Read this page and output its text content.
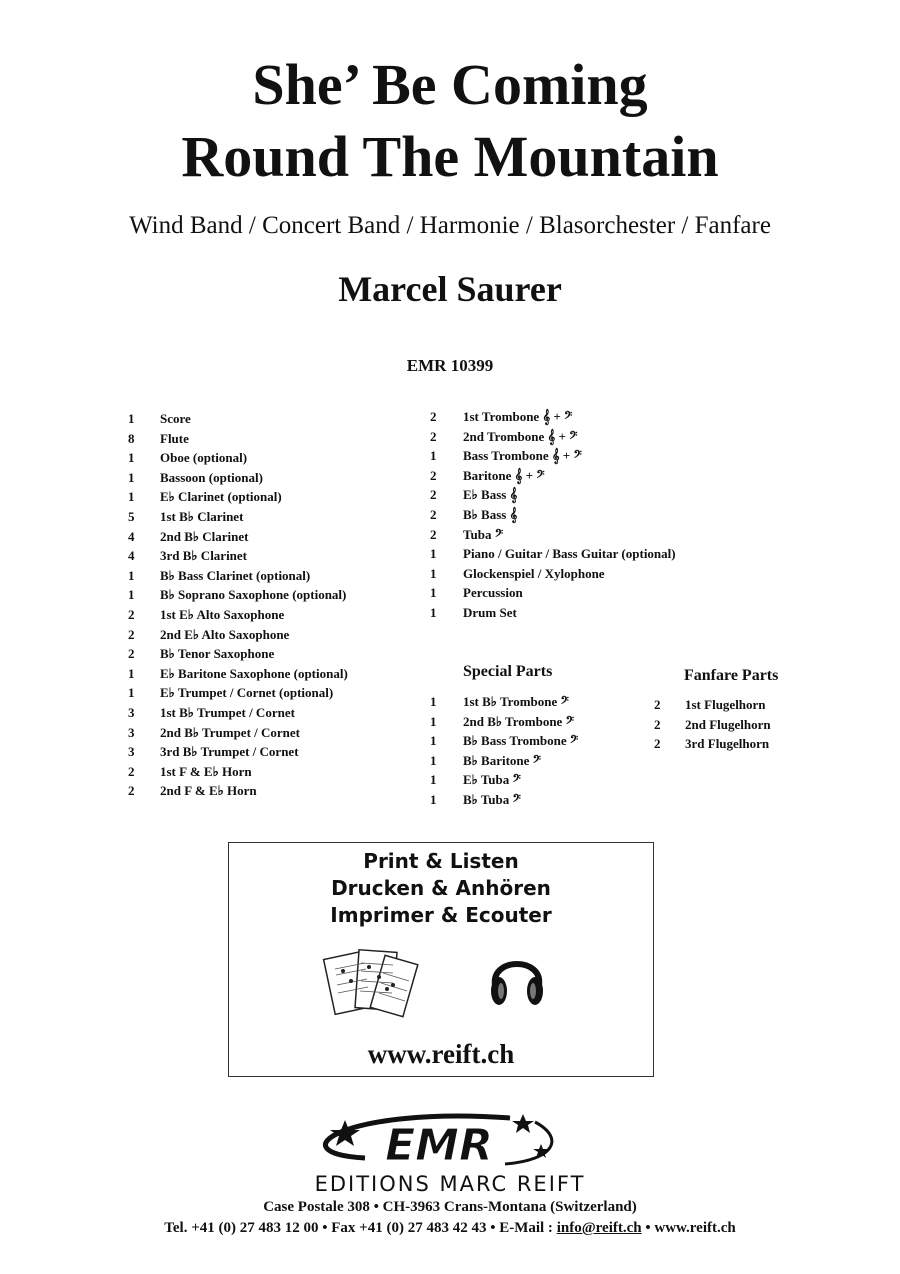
She’ Be Coming
Round The Mountain
Wind Band / Concert Band / Harmonie / Blasorchester / Fanfare
Marcel Saurer
EMR 10399
1 Score
8 Flute
1 Oboe (optional)
1 Bassoon (optional)
1 E♭ Clarinet (optional)
5 1st B♭ Clarinet
4 2nd B♭ Clarinet
4 3rd B♭ Clarinet
1 B♭ Bass Clarinet (optional)
1 B♭ Soprano Saxophone (optional)
2 1st E♭ Alto Saxophone
2 2nd E♭ Alto Saxophone
2 B♭ Tenor Saxophone
1 E♭ Baritone Saxophone (optional)
1 E♭ Trumpet / Cornet (optional)
3 1st B♭ Trumpet / Cornet
3 2nd B♭ Trumpet / Cornet
3 3rd B♭ Trumpet / Cornet
2 1st F & E♭ Horn
2 2nd F & E♭ Horn
2 1st Trombone 𝄞 + 𝄢
2 2nd Trombone 𝄞 + 𝄢
1 Bass Trombone 𝄞 + 𝄢
2 Baritone 𝄞 + 𝄢
2 E♭ Bass 𝄞
2 B♭ Bass 𝄞
2 Tuba 𝄢
1 Piano / Guitar / Bass Guitar (optional)
1 Glockenspiel / Xylophone
1 Percussion
1 Drum Set
Special Parts
1 1st B♭ Trombone 𝄢
1 2nd B♭ Trombone 𝄢
1 B♭ Bass Trombone 𝄢
1 B♭ Baritone 𝄢
1 E♭ Tuba 𝄢
1 B♭ Tuba 𝄢
Fanfare Parts
2 1st Flugelhorn
2 2nd Flugelhorn
2 3rd Flugelhorn
Print & Listen
Drucken & Anhören
Imprimer & Ecouter
www.reift.ch
EMR
EDITIONS MARC REIFT
Case Postale 308 • CH-3963 Crans-Montana (Switzerland)
Tel. +41 (0) 27 483 12 00 • Fax +41 (0) 27 483 42 43 • E-Mail : info@reift.ch • www.reift.ch
